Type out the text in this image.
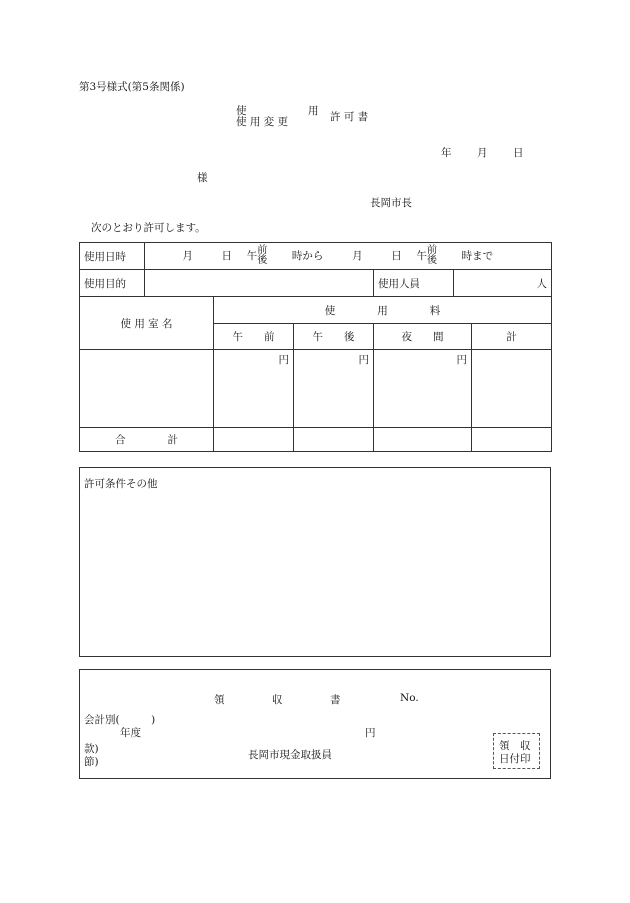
第3号様式(第5条関係)
使	用
使 用 変 更	許 可 書
年 月 日
様
長岡市長
次のとおり許可します。
使用日時	月 日 午前
後 時から 月 日 午前
後 時まで					
使用目的				使用人員	人	
使 用 室 名		使　　　　用　　　　料				
		午　　前	午　　後	夜　　間		計
		円	円	円		
合　　　　計						
許可条件その他
領	収	書	No.
会計別(　　　)
年度	円
款)
節)
長岡市現金取扱員
領　収
日付印
